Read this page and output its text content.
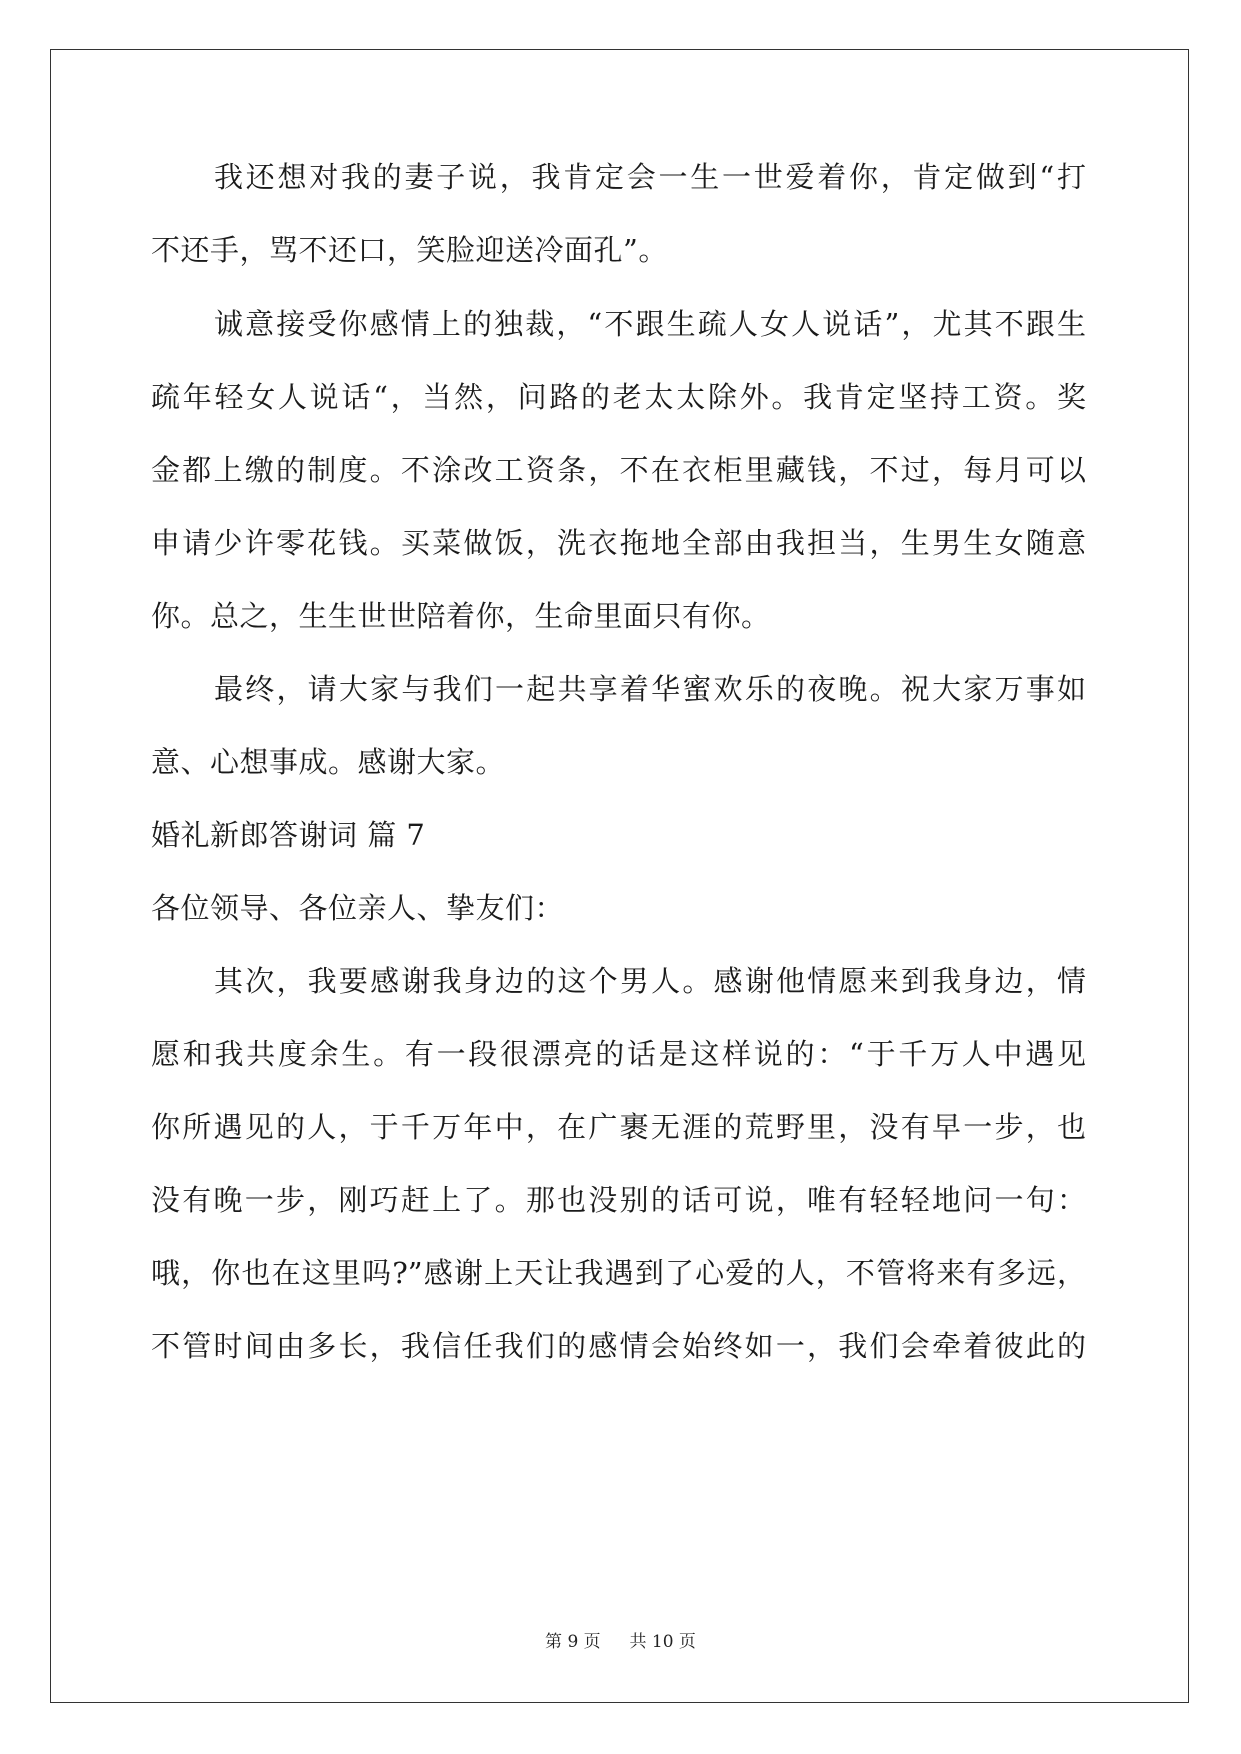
我还想对我的妻子说，我肯定会一生一世爱着你，肯定做到“打
不还手，骂不还口，笑脸迎送冷面孔”。
诚意接受你感情上的独裁，“不跟生疏人女人说话”，尤其不跟生
疏年轻女人说话“，当然，问路的老太太除外。我肯定坚持工资。奖
金都上缴的制度。不涂改工资条，不在衣柜里藏钱，不过，每月可以
申请少许零花钱。买菜做饭，洗衣拖地全部由我担当，生男生女随意
你。总之，生生世世陪着你，生命里面只有你。
最终，请大家与我们一起共享着华蜜欢乐的夜晚。祝大家万事如
意、心想事成。感谢大家。
婚礼新郎答谢词 篇 7
各位领导、各位亲人、挚友们：
其次，我要感谢我身边的这个男人。感谢他情愿来到我身边，情
愿和我共度余生。有一段很漂亮的话是这样说的：“于千万人中遇见
你所遇见的人，于千万年中，在广裹无涯的荒野里，没有早一步，也
没有晚一步，刚巧赶上了。那也没别的话可说，唯有轻轻地问一句：
哦，你也在这里吗?”感谢上天让我遇到了心爱的人，不管将来有多远，
不管时间由多长，我信任我们的感情会始终如一，我们会牵着彼此的
第 9 页 共 10 页
